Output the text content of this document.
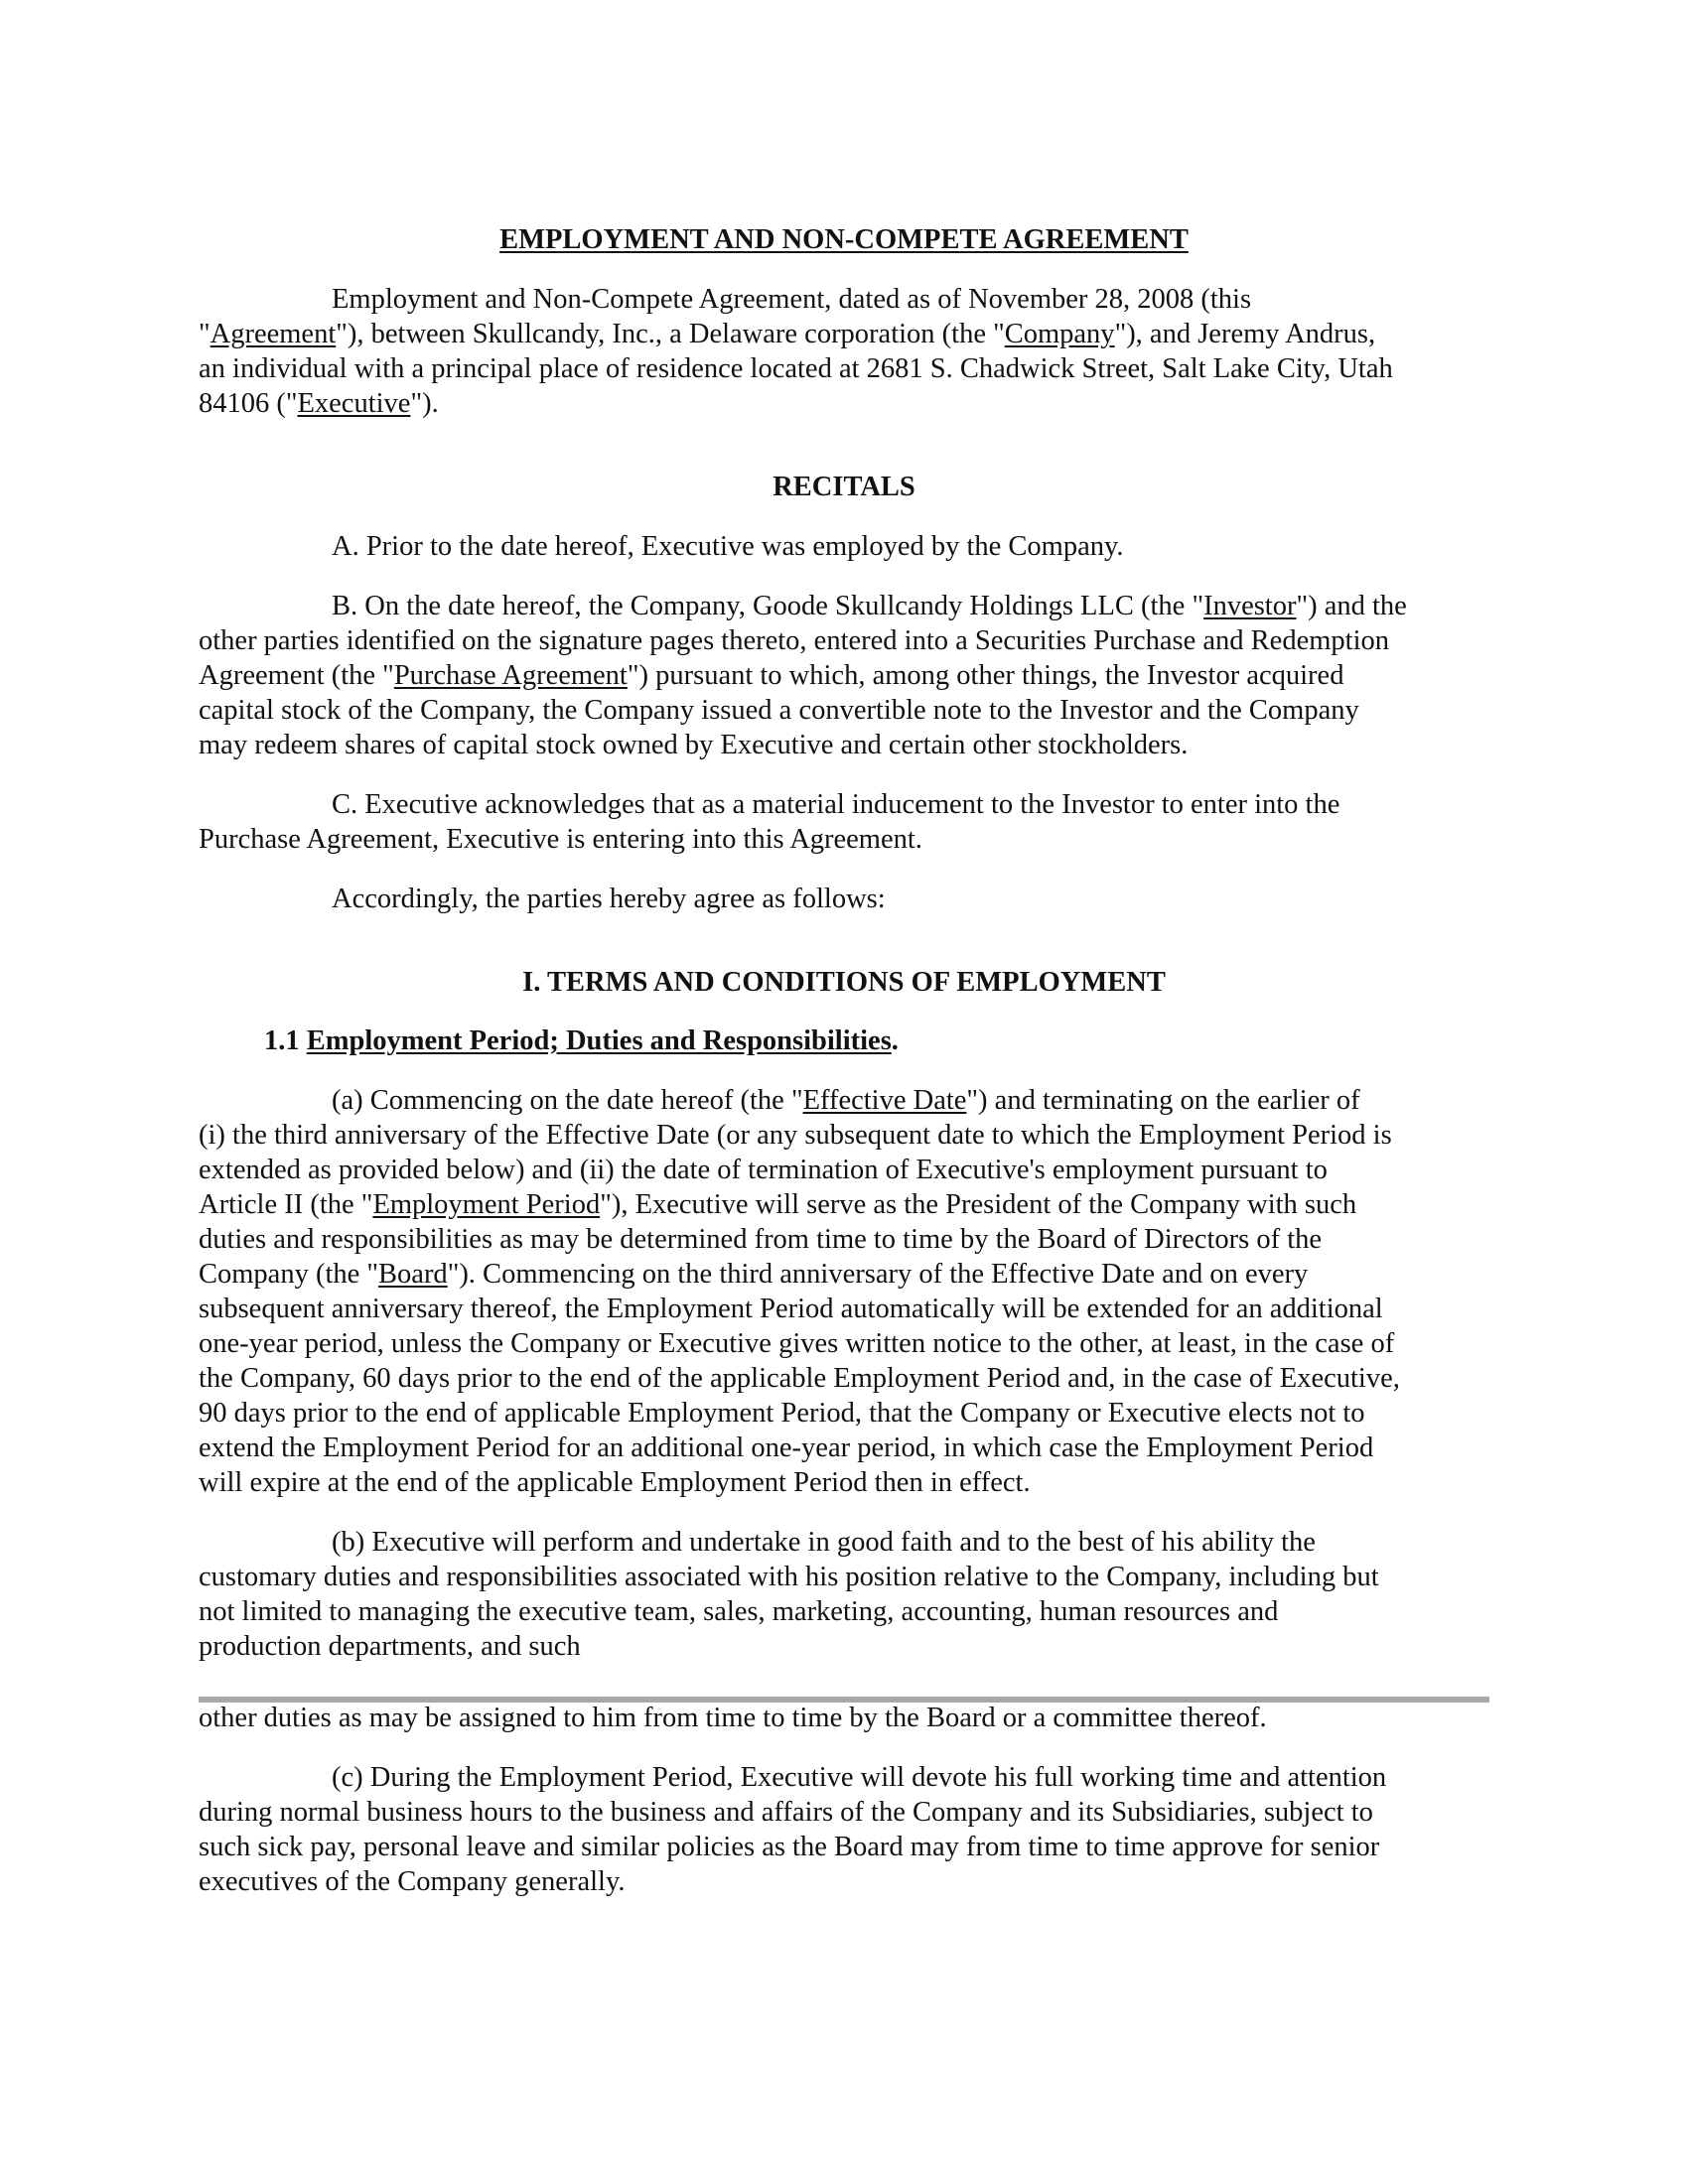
EMPLOYMENT AND NON-COMPETE AGREEMENT
Employment and Non-Compete Agreement, dated as of November 28, 2008 (this
"Agreement"), between Skullcandy, Inc., a Delaware corporation (the "Company"), and Jeremy Andrus,
an individual with a principal place of residence located at 2681 S. Chadwick Street, Salt Lake City, Utah
84106 ("Executive").
RECITALS
A. Prior to the date hereof, Executive was employed by the Company.
B. On the date hereof, the Company, Goode Skullcandy Holdings LLC (the "Investor") and the
other parties identified on the signature pages thereto, entered into a Securities Purchase and Redemption
Agreement (the "Purchase Agreement") pursuant to which, among other things, the Investor acquired
capital stock of the Company, the Company issued a convertible note to the Investor and the Company
may redeem shares of capital stock owned by Executive and certain other stockholders.
C. Executive acknowledges that as a material inducement to the Investor to enter into the
Purchase Agreement, Executive is entering into this Agreement.
Accordingly, the parties hereby agree as follows:
I. TERMS AND CONDITIONS OF EMPLOYMENT
1.1 Employment Period; Duties and Responsibilities.
(a) Commencing on the date hereof (the "Effective Date") and terminating on the earlier of
(i) the third anniversary of the Effective Date (or any subsequent date to which the Employment Period is
extended as provided below) and (ii) the date of termination of Executive's employment pursuant to
Article II (the "Employment Period"), Executive will serve as the President of the Company with such
duties and responsibilities as may be determined from time to time by the Board of Directors of the
Company (the "Board"). Commencing on the third anniversary of the Effective Date and on every
subsequent anniversary thereof, the Employment Period automatically will be extended for an additional
one-year period, unless the Company or Executive gives written notice to the other, at least, in the case of
the Company, 60 days prior to the end of the applicable Employment Period and, in the case of Executive,
90 days prior to the end of applicable Employment Period, that the Company or Executive elects not to
extend the Employment Period for an additional one-year period, in which case the Employment Period
will expire at the end of the applicable Employment Period then in effect.
(b) Executive will perform and undertake in good faith and to the best of his ability the
customary duties and responsibilities associated with his position relative to the Company, including but
not limited to managing the executive team, sales, marketing, accounting, human resources and
production departments, and such
other duties as may be assigned to him from time to time by the Board or a committee thereof.
(c) During the Employment Period, Executive will devote his full working time and attention
during normal business hours to the business and affairs of the Company and its Subsidiaries, subject to
such sick pay, personal leave and similar policies as the Board may from time to time approve for senior
executives of the Company generally.
